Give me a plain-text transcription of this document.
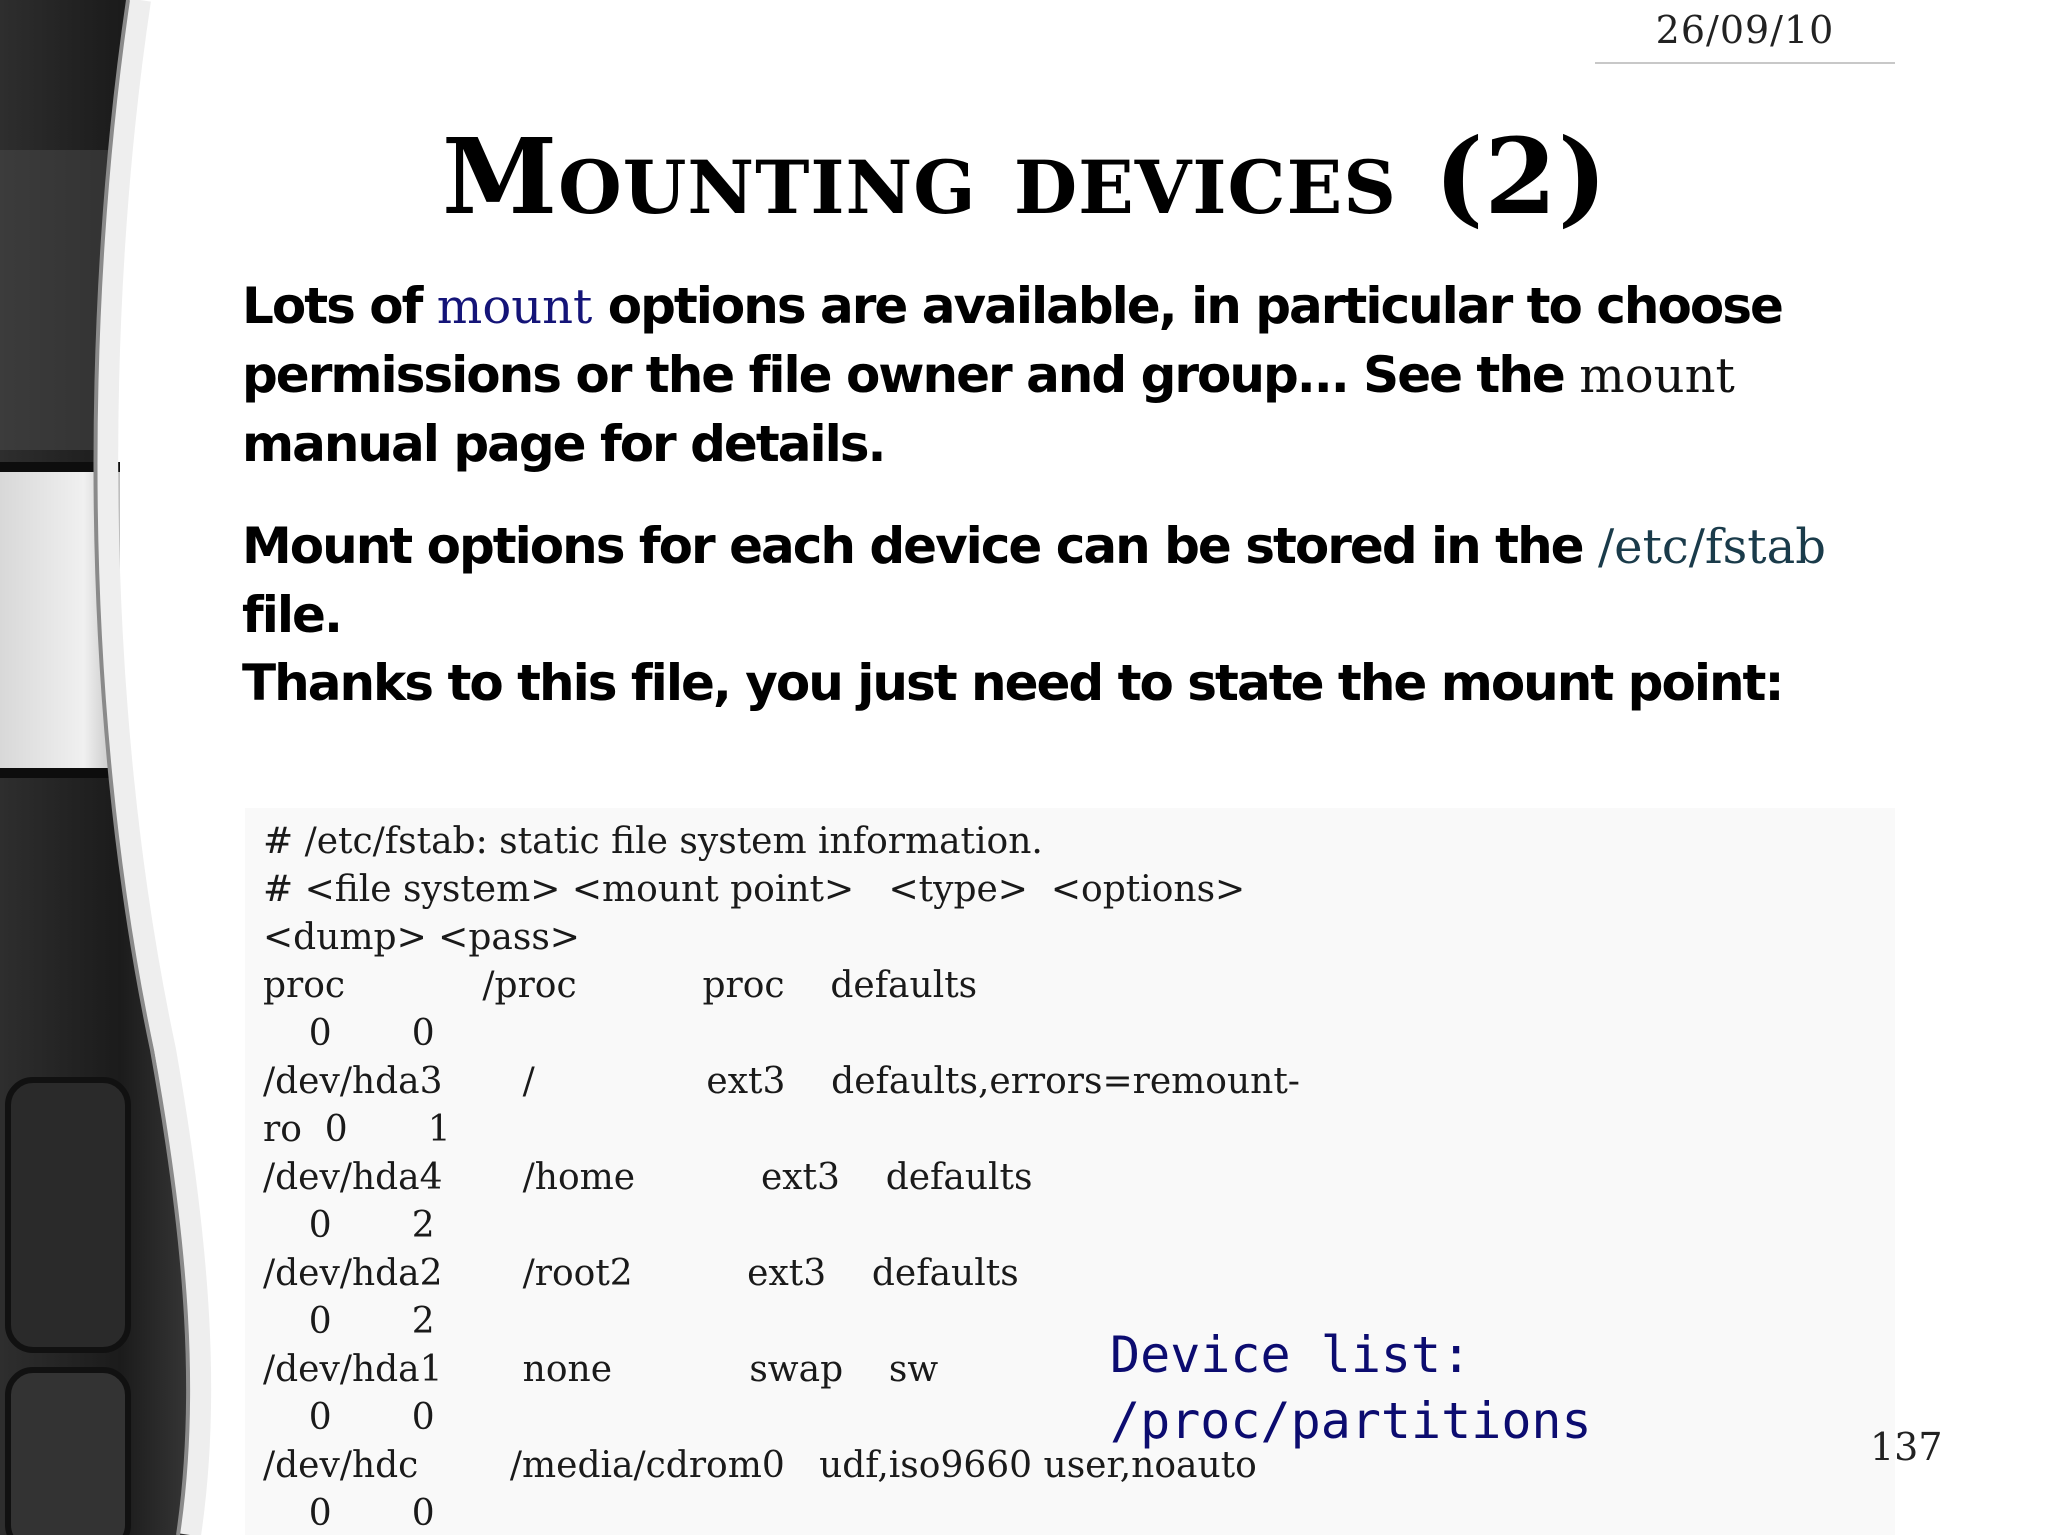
26/09/10
Mounting devices (2)
Lots of mount options are available, in particular to choose permissions or the file owner and group... See the mount manual page for details.
Mount options for each device can be stored in the /etc/fstab file.
Thanks to this file, you just need to state the mount point:
# /etc/fstab: static file system information.
# <file system> <mount point>   <type>  <options>
<dump> <pass>
proc            /proc           proc    defaults
0       0
/dev/hda3       /               ext3    defaults,errors=remount-
ro  0       1
/dev/hda4       /home           ext3    defaults
0       2
/dev/hda2       /root2          ext3    defaults
0       2
/dev/hda1       none            swap    sw
0       0
/dev/hdc        /media/cdrom0   udf,iso9660 user,noauto
0       0
Device list:
/proc/partitions	137
